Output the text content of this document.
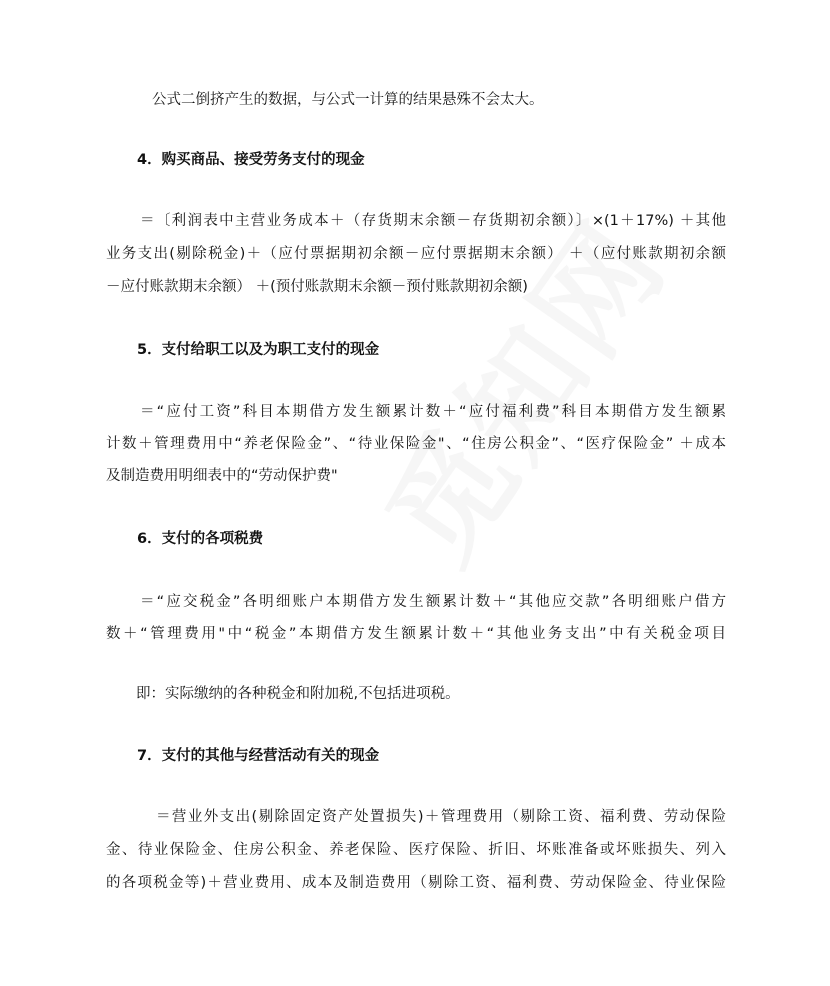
公式二倒挤产生的数据，与公式一计算的结果悬殊不会太大。
4．购买商品、接受劳务支付的现金
＝〔利润表中主营业务成本＋（存货期末余额－存货期初余额）〕×(1＋17%) ＋其他
业务支出(剔除税金)＋（应付票据期初余额－应付票据期末余额） ＋（应付账款期初余额
－应付账款期末余额） ＋(预付账款期末余额－预付账款期初余额)
5．支付给职工以及为职工支付的现金
＝“应付工资”科目本期借方发生额累计数＋“应付福利费”科目本期借方发生额累
计数＋管理费用中“养老保险金”、“待业保险金"、“住房公积金”、“医疗保险金” ＋成本
及制造费用明细表中的“劳动保护费"
6．支付的各项税费
＝“应交税金”各明细账户本期借方发生额累计数＋“其他应交款”各明细账户借方
数＋“管理费用"中“税金”本期借方发生额累计数＋“其他业务支出”中有关税金项目
即：实际缴纳的各种税金和附加税,不包括进项税。
7．支付的其他与经营活动有关的现金
＝营业外支出(剔除固定资产处置损失)＋管理费用（剔除工资、福利费、劳动保险
金、待业保险金、住房公积金、养老保险、医疗保险、折旧、坏账准备或坏账损失、列入
的各项税金等)＋营业费用、成本及制造费用（剔除工资、福利费、劳动保险金、待业保险
